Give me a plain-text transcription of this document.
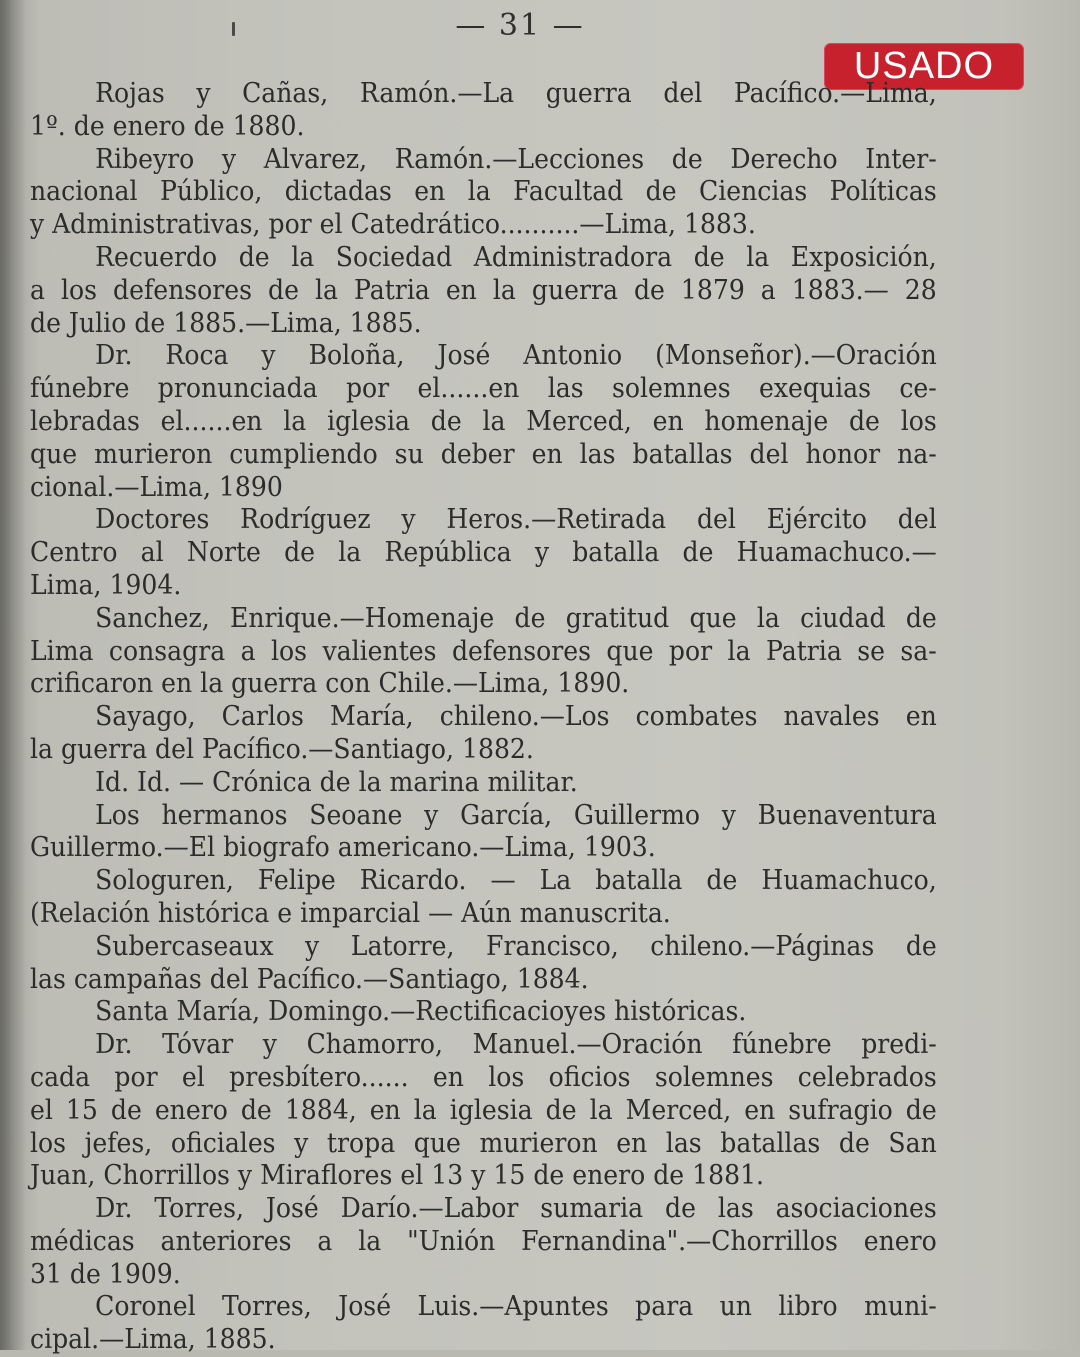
— 31 —
USADO
Rojas y Cañas, Ramón.—La guerra del Pacífico.—Lima,
1º. de enero de 1880.
Ribeyro y Alvarez, Ramón.—Lecciones de Derecho Inter-
nacional Público, dictadas en la Facultad de Ciencias Políticas
y Administrativas, por el Catedrático..........—Lima, 1883.
Recuerdo de la Sociedad Administradora de la Exposición,
a los defensores de la Patria en la guerra de 1879 a 1883.— 28
de Julio de 1885.—Lima, 1885.
Dr. Roca y Boloña, José Antonio (Monseñor).—Oración
fúnebre pronunciada por el......en las solemnes exequias ce-
lebradas el......en la iglesia de la Merced, en homenaje de los
que murieron cumpliendo su deber en las batallas del honor na-
cional.—Lima, 1890
Doctores Rodríguez y Heros.—Retirada del Ejército del
Centro al Norte de la República y batalla de Huamachuco.—
Lima, 1904.
Sanchez, Enrique.—Homenaje de gratitud que la ciudad de
Lima consagra a los valientes defensores que por la Patria se sa-
crificaron en la guerra con Chile.—Lima, 1890.
Sayago, Carlos María, chileno.—Los combates navales en
la guerra del Pacífico.—Santiago, 1882.
Id. Id. — Crónica de la marina militar.
Los hermanos Seoane y García, Guillermo y Buenaventura
Guillermo.—El biografo americano.—Lima, 1903.
Sologuren, Felipe Ricardo. — La batalla de Huamachuco,
(Relación histórica e imparcial — Aún manuscrita.
Subercaseaux y Latorre, Francisco, chileno.—Páginas de
las campañas del Pacífico.—Santiago, 1884.
Santa María, Domingo.—Rectificacioyes históricas.
Dr. Tóvar y Chamorro, Manuel.—Oración fúnebre predi-
cada por el presbítero...... en los oficios solemnes celebrados
el 15 de enero de 1884, en la iglesia de la Merced, en sufragio de
los jefes, oficiales y tropa que murieron en las batallas de San
Juan, Chorrillos y Miraflores el 13 y 15 de enero de 1881.
Dr. Torres, José Darío.—Labor sumaria de las asociaciones
médicas anteriores a la "Unión Fernandina".—Chorrillos enero
31 de 1909.
Coronel Torres, José Luis.—Apuntes para un libro muni-
cipal.—Lima, 1885.
